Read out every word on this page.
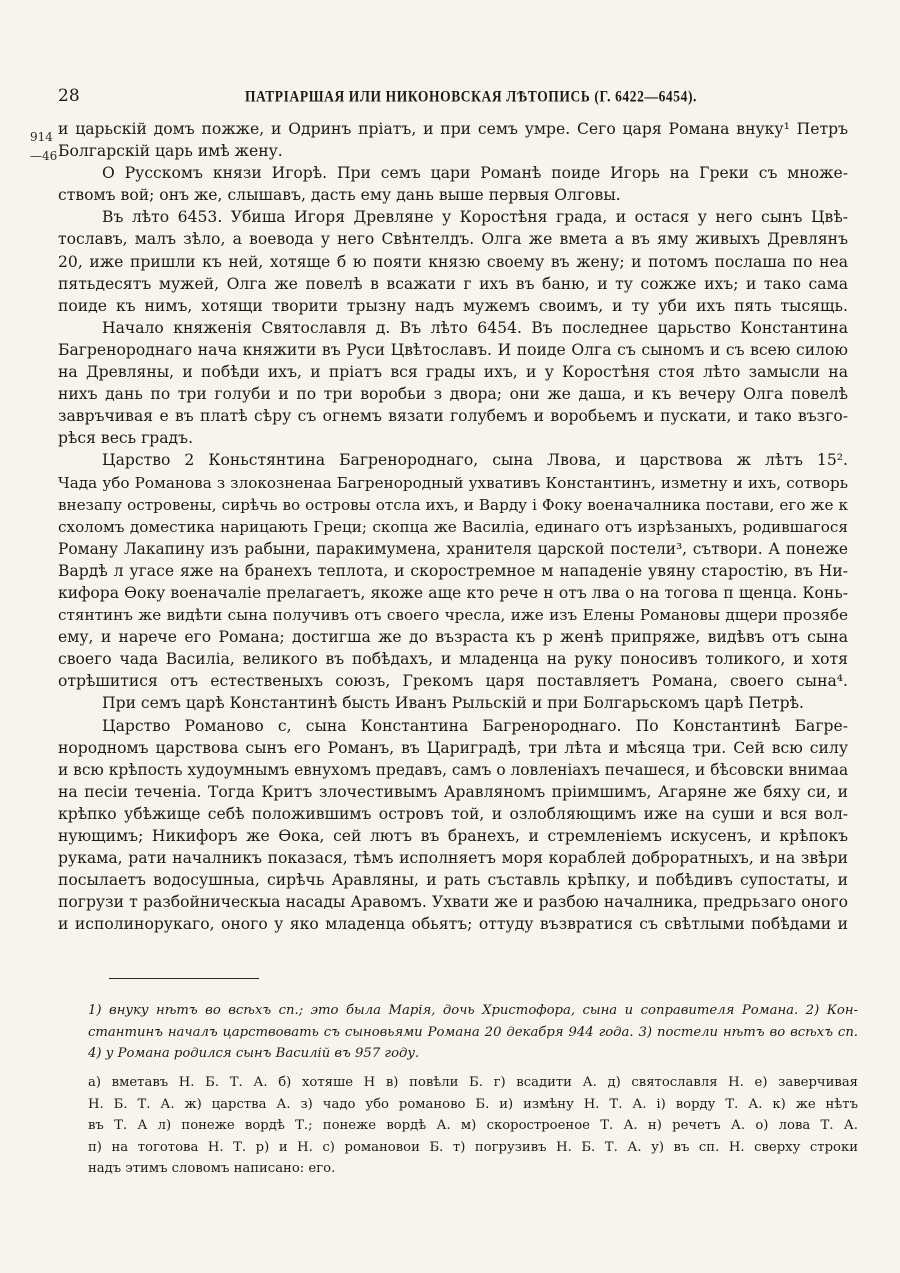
28	ПАТРІАРШАЯ ИЛИ НИКОНОВСКАЯ ЛѢТОПИСЬ (Г. 6422—6454).
914
—46
и царьскій домъ пожже, и Одринъ пріатъ, и при семъ умре. Сего царя Романа внуку¹ Петръ
Болгарскій царь имѣ жену.
О Русскомъ князи Игорѣ. При семъ цари Романѣ поиде Игорь на Греки съ множе-
ствомъ вой; онъ же, слышавъ, дасть ему дань выше первыя Олговы.
Въ лѣто 6453. Убиша Игоря Древляне у Коростѣня града, и остася у него сынъ Цвѣ-
тославъ, малъ зѣло, а воевода у него Свѣнтелдъ. Олга же вмета а въ яму живыхъ Древлянъ
20, иже пришли къ ней, хотяще б ю пояти князю своему въ жену; и потомъ послаша по неа
пятьдесятъ мужей, Олга же повелѣ в всажати г ихъ въ баню, и ту сожже ихъ; и тако сама
поиде къ нимъ, хотящи творити трызну надъ мужемъ своимъ, и ту уби ихъ пять тысящь.
Начало княженія Святославля д. Въ лѣто 6454. Въ последнее царьство Константина
Багренороднаго нача княжити въ Руси Цвѣтославъ. И поиде Олга съ сыномъ и съ всею силою
на Древляны, и побѣди ихъ, и пріатъ вся грады ихъ, и у Коростѣня стоя лѣто замысли на
нихъ дань по три голуби и по три воробьи з двора; они же даша, и къ вечеру Олга повелѣ
завръчивая е въ платѣ сѣру съ огнемъ вязати голубемъ и воробьемъ и пускати, и тако възго-
рѣся весь градъ.
Царство 2 Коньстянтина Багренороднаго, сына Лвова, и царствова ж лѣтъ 15².
Чада убо Романова з злокозненаа Багренородный ухвативъ Константинъ, изметну и ихъ, сотворь
внезапу островены, сирѣчь во островы отсла ихъ, и Варду і Фоку военачалника постави, его же к
схоломъ доместика нарицають Греци; скопца же Василіа, единаго отъ изрѣзаныхъ, родившагося
Роману Лакапину изъ рабыни, паракимумена, хранителя царской постели³, сътвори. А понеже
Вардѣ л угасе яже на бранехъ теплота, и скоростремное м нападеніе увяну старостію, въ Ни-
кифора Ѳоку военачаліе прелагаетъ, якоже аще кто рече н отъ лва о на тогова п щенца. Конь-
стянтинъ же видѣти сына получивъ отъ своего чресла, иже изъ Елены Романовы дщери прозябе
ему, и нарече его Романа; достигша же до възраста къ р женѣ припряже, видѣвъ отъ сына
своего чада Василіа, великого въ побѣдахъ, и младенца на руку поносивъ толикого, и хотя
отрѣшитися отъ естественыхъ союзъ, Грекомъ царя поставляетъ Романа, своего сына⁴.
При семъ царѣ Константинѣ бысть Иванъ Рыльскій и при Болгарьскомъ царѣ Петрѣ.
Царство Романово с, сына Константина Багренороднаго. По Константинѣ Багре-
нородномъ царствова сынъ его Романъ, въ Цариградѣ, три лѣта и мѣсяца три. Сей всю силу
и всю крѣпость худоумнымъ евнухомъ предавъ, самъ о ловленіахъ печашеся, и бѣсовски внимаа
на песіи теченіа. Тогда Критъ злочестивымъ Аравляномъ пріимшимъ, Агаряне же бяху си, и
крѣпко убѣжище себѣ положившимъ островъ той, и озлобляющимъ иже на суши и вся вол-
нующимъ; Никифоръ же Ѳока, сей лютъ въ бранехъ, и стремленіемъ искусенъ, и крѣпокъ
рукама, рати началникъ показася, тѣмъ исполняетъ моря кораблей доброратныхъ, и на звѣри
посылаетъ водосушныа, сирѣчь Аравляны, и рать съставль крѣпку, и побѣдивъ супостаты, и
погрузи т разбойническыа насады Аравомъ. Ухвати же и разбою началника, предрьзаго оного
и исполинорукаго, оного у яко младенца обьятъ; оттуду възвратися съ свѣтлыми побѣдами и
1) внуку нѣтъ во всѣхъ сп.; это была Марія, дочь Христофора, сына и соправителя Романа. 2) Кон-
стантинъ началъ царствовать съ сыновьями Романа 20 декабря 944 года. 3) постели нѣтъ во всѣхъ сп.
4) у Романа родился сынъ Василій въ 957 году.
а) вметавъ Н. Б. Т. А. б) хотяше Н в) повѣли Б. г) всадити А. д) святославля Н. е) заверчивая
Н. Б. Т. А. ж) царства А. з) чадо убо романово Б. и) измѣну Н. Т. А. і) ворду Т. А. к) же нѣтъ
въ Т. А л) понеже вордѣ Т.; понеже вордѣ А. м) скоростроеное Т. А. н) речетъ А. о) лова Т. А.
п) на тоготова Н. Т. р) и Н. с) романовои Б. т) погрузивъ Н. Б. Т. А. у) въ сп. Н. сверху строки
надъ этимъ словомъ написано: его.
